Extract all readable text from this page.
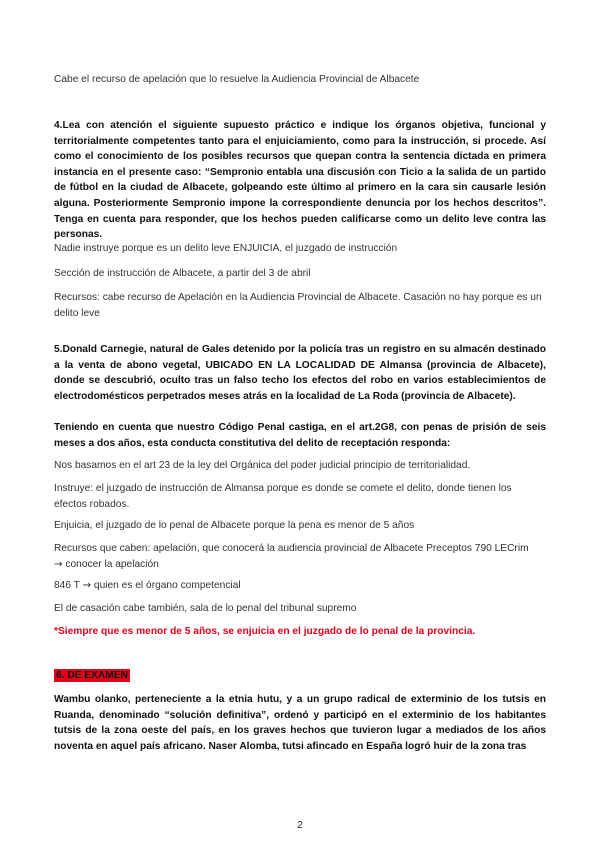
Cabe el recurso de apelación que lo resuelve la Audiencia Provincial de Albacete

4.Lea con atención el siguiente supuesto práctico e indique los órganos objetiva, funcional y territorialmente competentes tanto para el enjuiciamiento, como para la instrucción, si procede. Así como el conocimiento de los posibles recursos que quepan contra la sentencia dictada en primera instancia en el presente caso: “Sempronio entabla una discusión con Ticio a la salida de un partido de fútbol en la ciudad de Albacete, golpeando este último al primero en la cara sin causarle lesión alguna. Posteriormente Sempronio impone la correspondiente denuncia por los hechos descritos”. Tenga en cuenta para responder, que los hechos pueden calificarse como un delito leve contra las personas.

Nadie instruye porque es un delito leve ENJUICIA, el juzgado de instrucción

Sección de instrucción de Albacete, a partir del 3 de abril

Recursos: cabe recurso de Apelación en la Audiencia Provincial de Albacete. Casación no hay porque es un delito leve

5.Donald Carnegie, natural de Gales detenido por la policía tras un registro en su almacén destinado a la venta de abono vegetal, UBICADO EN LA LOCALIDAD DE Almansa (provincia de Albacete), donde se descubrió, oculto tras un falso techo los efectos del robo en varios establecimientos de electrodomésticos perpetrados meses atrás en la localidad de La Roda (provincia de Albacete).

Teniendo en cuenta que nuestro Código Penal castiga, en el art.2G8, con penas de prisión de seis meses a dos años, esta conducta constitutiva del delito de receptación responda:

Nos basamos en el art 23 de la ley del Orgánica del poder judicial principio de territorialidad.

Instruye: el juzgado de instrucción de Almansa porque es donde se comete el delito, donde tienen los efectos robados.

Enjuicia, el juzgado de lo penal de Albacete porque la pena es menor de 5 años

Recursos que caben: apelación, que conocerá la audiencia provincial de Albacete Preceptos 790 LECrim
→ conocer la apelación

846 T → quien es el órgano competencial

El de casación cabe también, sala de lo penal del tribunal supremo

*Siempre que es menor de 5 años, se enjuicia en el juzgado de lo penal de la provincia.

6. DE EXAMEN

Wambu olanko, perteneciente a la etnia hutu, y a un grupo radical de exterminio de los tutsis en Ruanda, denominado “solución definitiva”, ordenó y participó en el exterminio de los habitantes tutsis de la zona oeste del país, en los graves hechos que tuvieron lugar a mediados de los años noventa en aquel país africano. Naser Alomba, tutsi afincado en España logró huir de la zona tras

2
